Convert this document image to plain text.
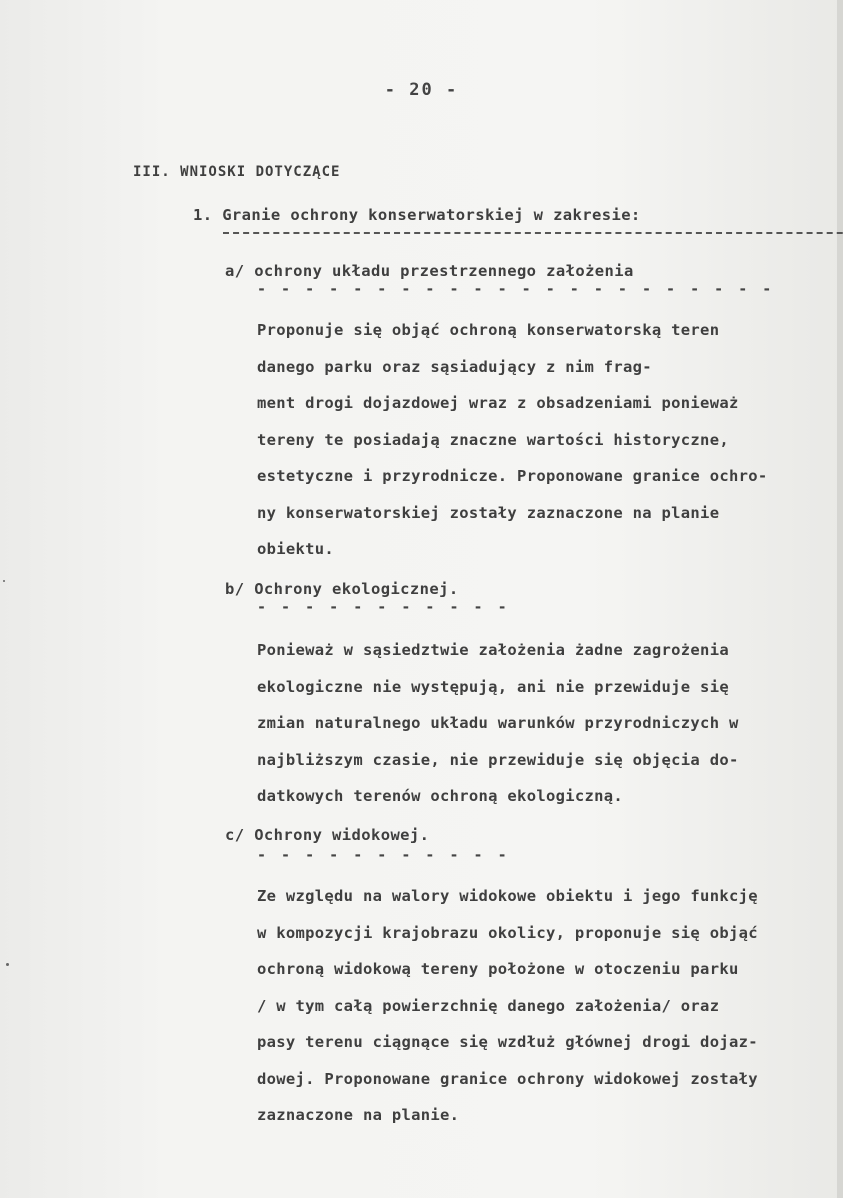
- 20 -
III. WNIOSKI DOTYCZĄCE
1. Granie ochrony konserwatorskiej w zakresie:
a/ ochrony układu przestrzennego założenia
- - - - - - - - - - - - - - - - - - - - - -
Proponuje się objąć ochroną konserwatorską teren
danego parku oraz sąsiadujący z nim frag-
ment drogi dojazdowej wraz z obsadzeniami ponieważ
tereny te posiadają znaczne wartości historyczne,
estetyczne i przyrodnicze. Proponowane granice ochro-
ny konserwatorskiej zostały zaznaczone na planie
obiektu.
b/ Ochrony ekologicznej.
- - - - - - - - - - -
Ponieważ w sąsiedztwie założenia żadne zagrożenia
ekologiczne nie występują, ani nie przewiduje się
zmian naturalnego układu warunków przyrodniczych w
najbliższym czasie, nie przewiduje się objęcia do-
datkowych terenów ochroną ekologiczną.
c/ Ochrony widokowej.
- - - - - - - - - - -
Ze względu na walory widokowe obiektu i jego funkcję
w kompozycji krajobrazu okolicy, proponuje się objąć
ochroną widokową tereny położone w otoczeniu parku
/ w tym całą powierzchnię danego założenia/ oraz
pasy terenu ciągnące się wzdłuż głównej drogi dojaz-
dowej. Proponowane granice ochrony widokowej zostały
zaznaczone na planie.
